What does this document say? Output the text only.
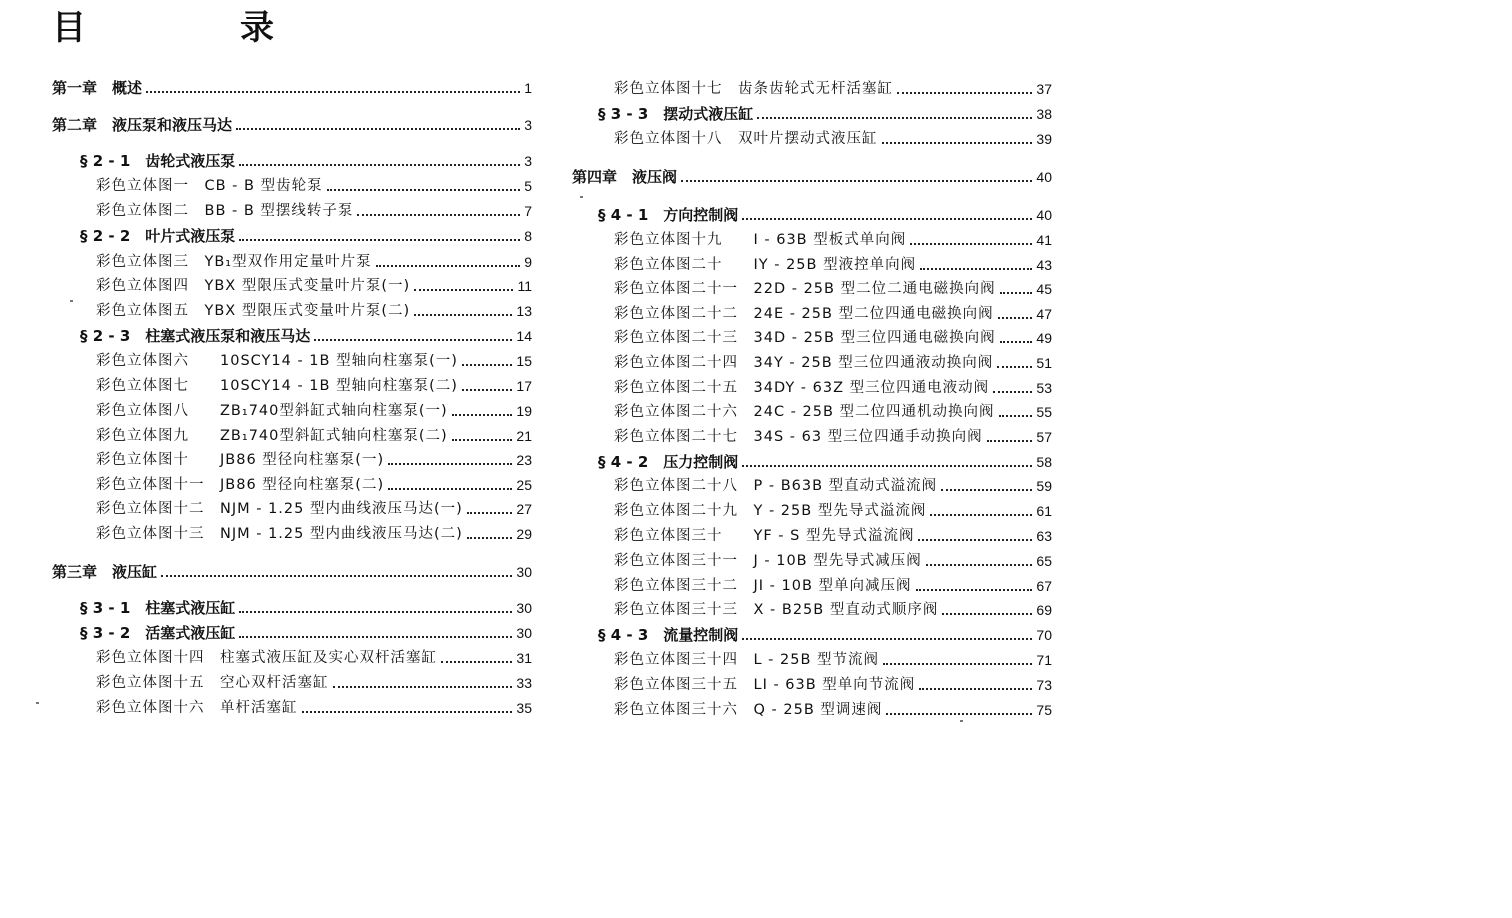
目　录
第一章　概述	1
第二章　液压泵和液压马达	3
§ 2 - 1　齿轮式液压泵	3
彩色立体图一　CB - B 型齿轮泵	5
彩色立体图二　BB - B 型摆线转子泵	7
§ 2 - 2　叶片式液压泵	8
彩色立体图三　YB₁型双作用定量叶片泵	9
彩色立体图四　YBX 型限压式变量叶片泵(一)	11
彩色立体图五　YBX 型限压式变量叶片泵(二)	13
§ 2 - 3　柱塞式液压泵和液压马达	14
彩色立体图六　　10SCY14 - 1B 型轴向柱塞泵(一)	15
彩色立体图七　　10SCY14 - 1B 型轴向柱塞泵(二)	17
彩色立体图八　　ZB₁740型斜缸式轴向柱塞泵(一)	19
彩色立体图九　　ZB₁740型斜缸式轴向柱塞泵(二)	21
彩色立体图十　　JB86 型径向柱塞泵(一)	23
彩色立体图十一　JB86 型径向柱塞泵(二)	25
彩色立体图十二　NJM - 1.25 型内曲线液压马达(一)	27
彩色立体图十三　NJM - 1.25 型内曲线液压马达(二)	29
第三章　液压缸	30
§ 3 - 1　柱塞式液压缸	30
§ 3 - 2　活塞式液压缸	30
彩色立体图十四　柱塞式液压缸及实心双杆活塞缸	31
彩色立体图十五　空心双杆活塞缸	33
彩色立体图十六　单杆活塞缸	35
彩色立体图十七　齿条齿轮式无杆活塞缸	37
§ 3 - 3　摆动式液压缸	38
彩色立体图十八　双叶片摆动式液压缸	39
第四章　液压阀	40
§ 4 - 1　方向控制阀	40
彩色立体图十九　　I - 63B 型板式单向阀	41
彩色立体图二十　　IY - 25B 型液控单向阀	43
彩色立体图二十一　22D - 25B 型二位二通电磁换向阀	45
彩色立体图二十二　24E - 25B 型二位四通电磁换向阀	47
彩色立体图二十三　34D - 25B 型三位四通电磁换向阀	49
彩色立体图二十四　34Y - 25B 型三位四通液动换向阀	51
彩色立体图二十五　34DY - 63Z 型三位四通电液动阀	53
彩色立体图二十六　24C - 25B 型二位四通机动换向阀	55
彩色立体图二十七　34S - 63 型三位四通手动换向阀	57
§ 4 - 2　压力控制阀	58
彩色立体图二十八　P - B63B 型直动式溢流阀	59
彩色立体图二十九　Y - 25B 型先导式溢流阀	61
彩色立体图三十　　YF - S 型先导式溢流阀	63
彩色立体图三十一　J - 10B 型先导式减压阀	65
彩色立体图三十二　JI - 10B 型单向减压阀	67
彩色立体图三十三　X - B25B 型直动式顺序阀	69
§ 4 - 3　流量控制阀	70
彩色立体图三十四　L - 25B 型节流阀	71
彩色立体图三十五　LI - 63B 型单向节流阀	73
彩色立体图三十六　Q - 25B 型调速阀	75
